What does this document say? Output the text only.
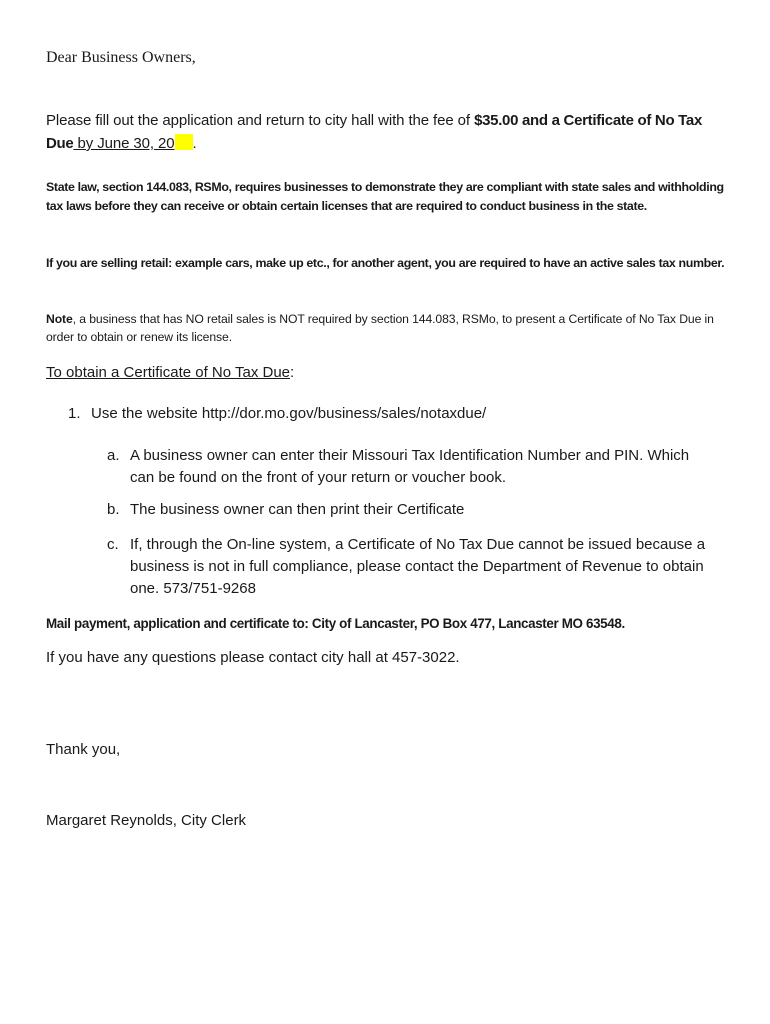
Dear Business Owners,

Please fill out the application and return to city hall with the fee of $35.00 and a Certificate of No Tax Due by June 30, 20 .

State law, section 144.083, RSMo, requires businesses to demonstrate they are compliant with state sales and withholding tax laws before they can receive or obtain certain licenses that are required to conduct business in the state.

If you are selling retail: example cars, make up etc., for another agent, you are required to have an active sales tax number.

Note, a business that has NO retail sales is NOT required by section 144.083, RSMo, to present a Certificate of No Tax Due in order to obtain or renew its license.

To obtain a Certificate of No Tax Due:

1. Use the website http://dor.mo.gov/business/sales/notaxdue/
a. A business owner can enter their Missouri Tax Identification Number and PIN. Which can be found on the front of your return or voucher book.
b. The business owner can then print their Certificate
c. If, through the On-line system, a Certificate of No Tax Due cannot be issued because a business is not in full compliance, please contact the Department of Revenue to obtain one. 573/751-9268

Mail payment, application and certificate to: City of Lancaster, PO Box 477, Lancaster MO 63548.

If you have any questions please contact city hall at 457-3022.

Thank you,

Margaret Reynolds, City Clerk
